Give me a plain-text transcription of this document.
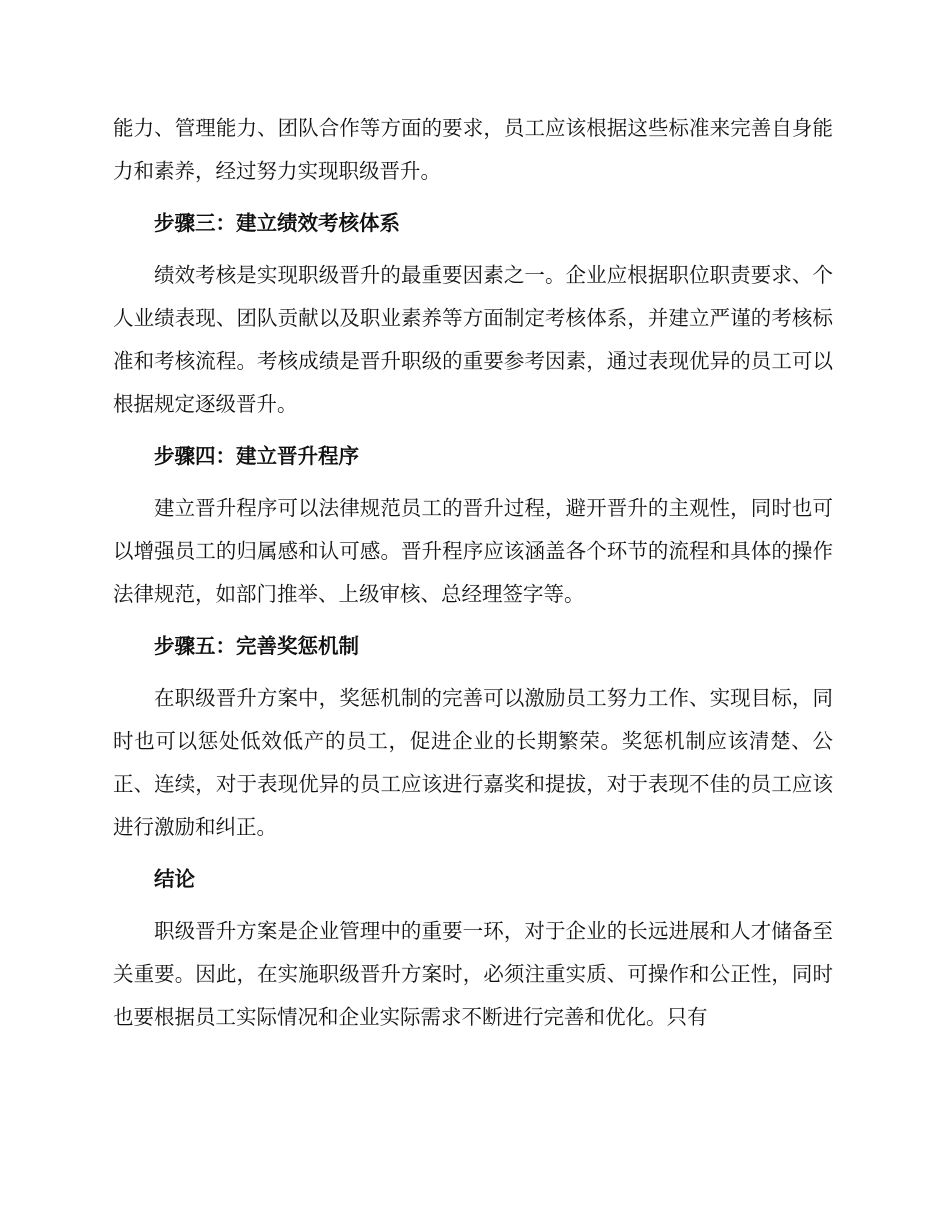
能力、管理能力、团队合作等方面的要求，员工应该根据这些标准来完善自身能力和素养，经过努力实现职级晋升。

步骤三：建立绩效考核体系

绩效考核是实现职级晋升的最重要因素之一。企业应根据职位职责要求、个人业绩表现、团队贡献以及职业素养等方面制定考核体系，并建立严谨的考核标准和考核流程。考核成绩是晋升职级的重要参考因素，通过表现优异的员工可以根据规定逐级晋升。

步骤四：建立晋升程序

建立晋升程序可以法律规范员工的晋升过程，避开晋升的主观性，同时也可以增强员工的归属感和认可感。晋升程序应该涵盖各个环节的流程和具体的操作法律规范，如部门推举、上级审核、总经理签字等。

步骤五：完善奖惩机制

在职级晋升方案中，奖惩机制的完善可以激励员工努力工作、实现目标，同时也可以惩处低效低产的员工，促进企业的长期繁荣。奖惩机制应该清楚、公正、连续，对于表现优异的员工应该进行嘉奖和提拔，对于表现不佳的员工应该进行激励和纠正。

结论

职级晋升方案是企业管理中的重要一环，对于企业的长远进展和人才储备至关重要。因此，在实施职级晋升方案时，必须注重实质、可操作和公正性，同时也要根据员工实际情况和企业实际需求不断进行完善和优化。只有
